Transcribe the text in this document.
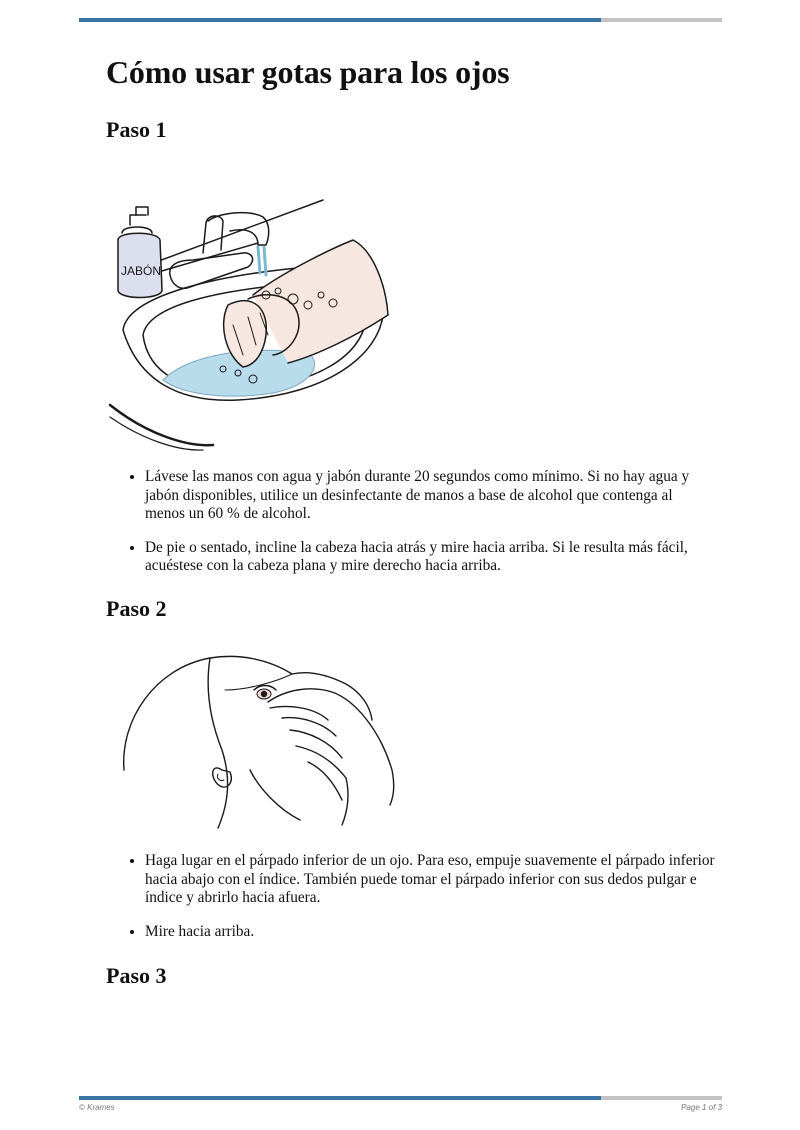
Cómo usar gotas para los ojos
Paso 1
JABÓN
• Lávese las manos con agua y jabón durante 20 segundos como mínimo. Si no hay agua y jabón disponibles, utilice un desinfectante de manos a base de alcohol que contenga al menos un 60 % de alcohol.
• De pie o sentado, incline la cabeza hacia atrás y mire hacia arriba. Si le resulta más fácil, acuéstese con la cabeza plana y mire derecho hacia arriba.
Paso 2
• Haga lugar en el párpado inferior de un ojo. Para eso, empuje suavemente el párpado inferior hacia abajo con el índice. También puede tomar el párpado inferior con sus dedos pulgar e índice y abrirlo hacia afuera.
• Mire hacia arriba.
Paso 3
© Krames	Page 1 of 3
